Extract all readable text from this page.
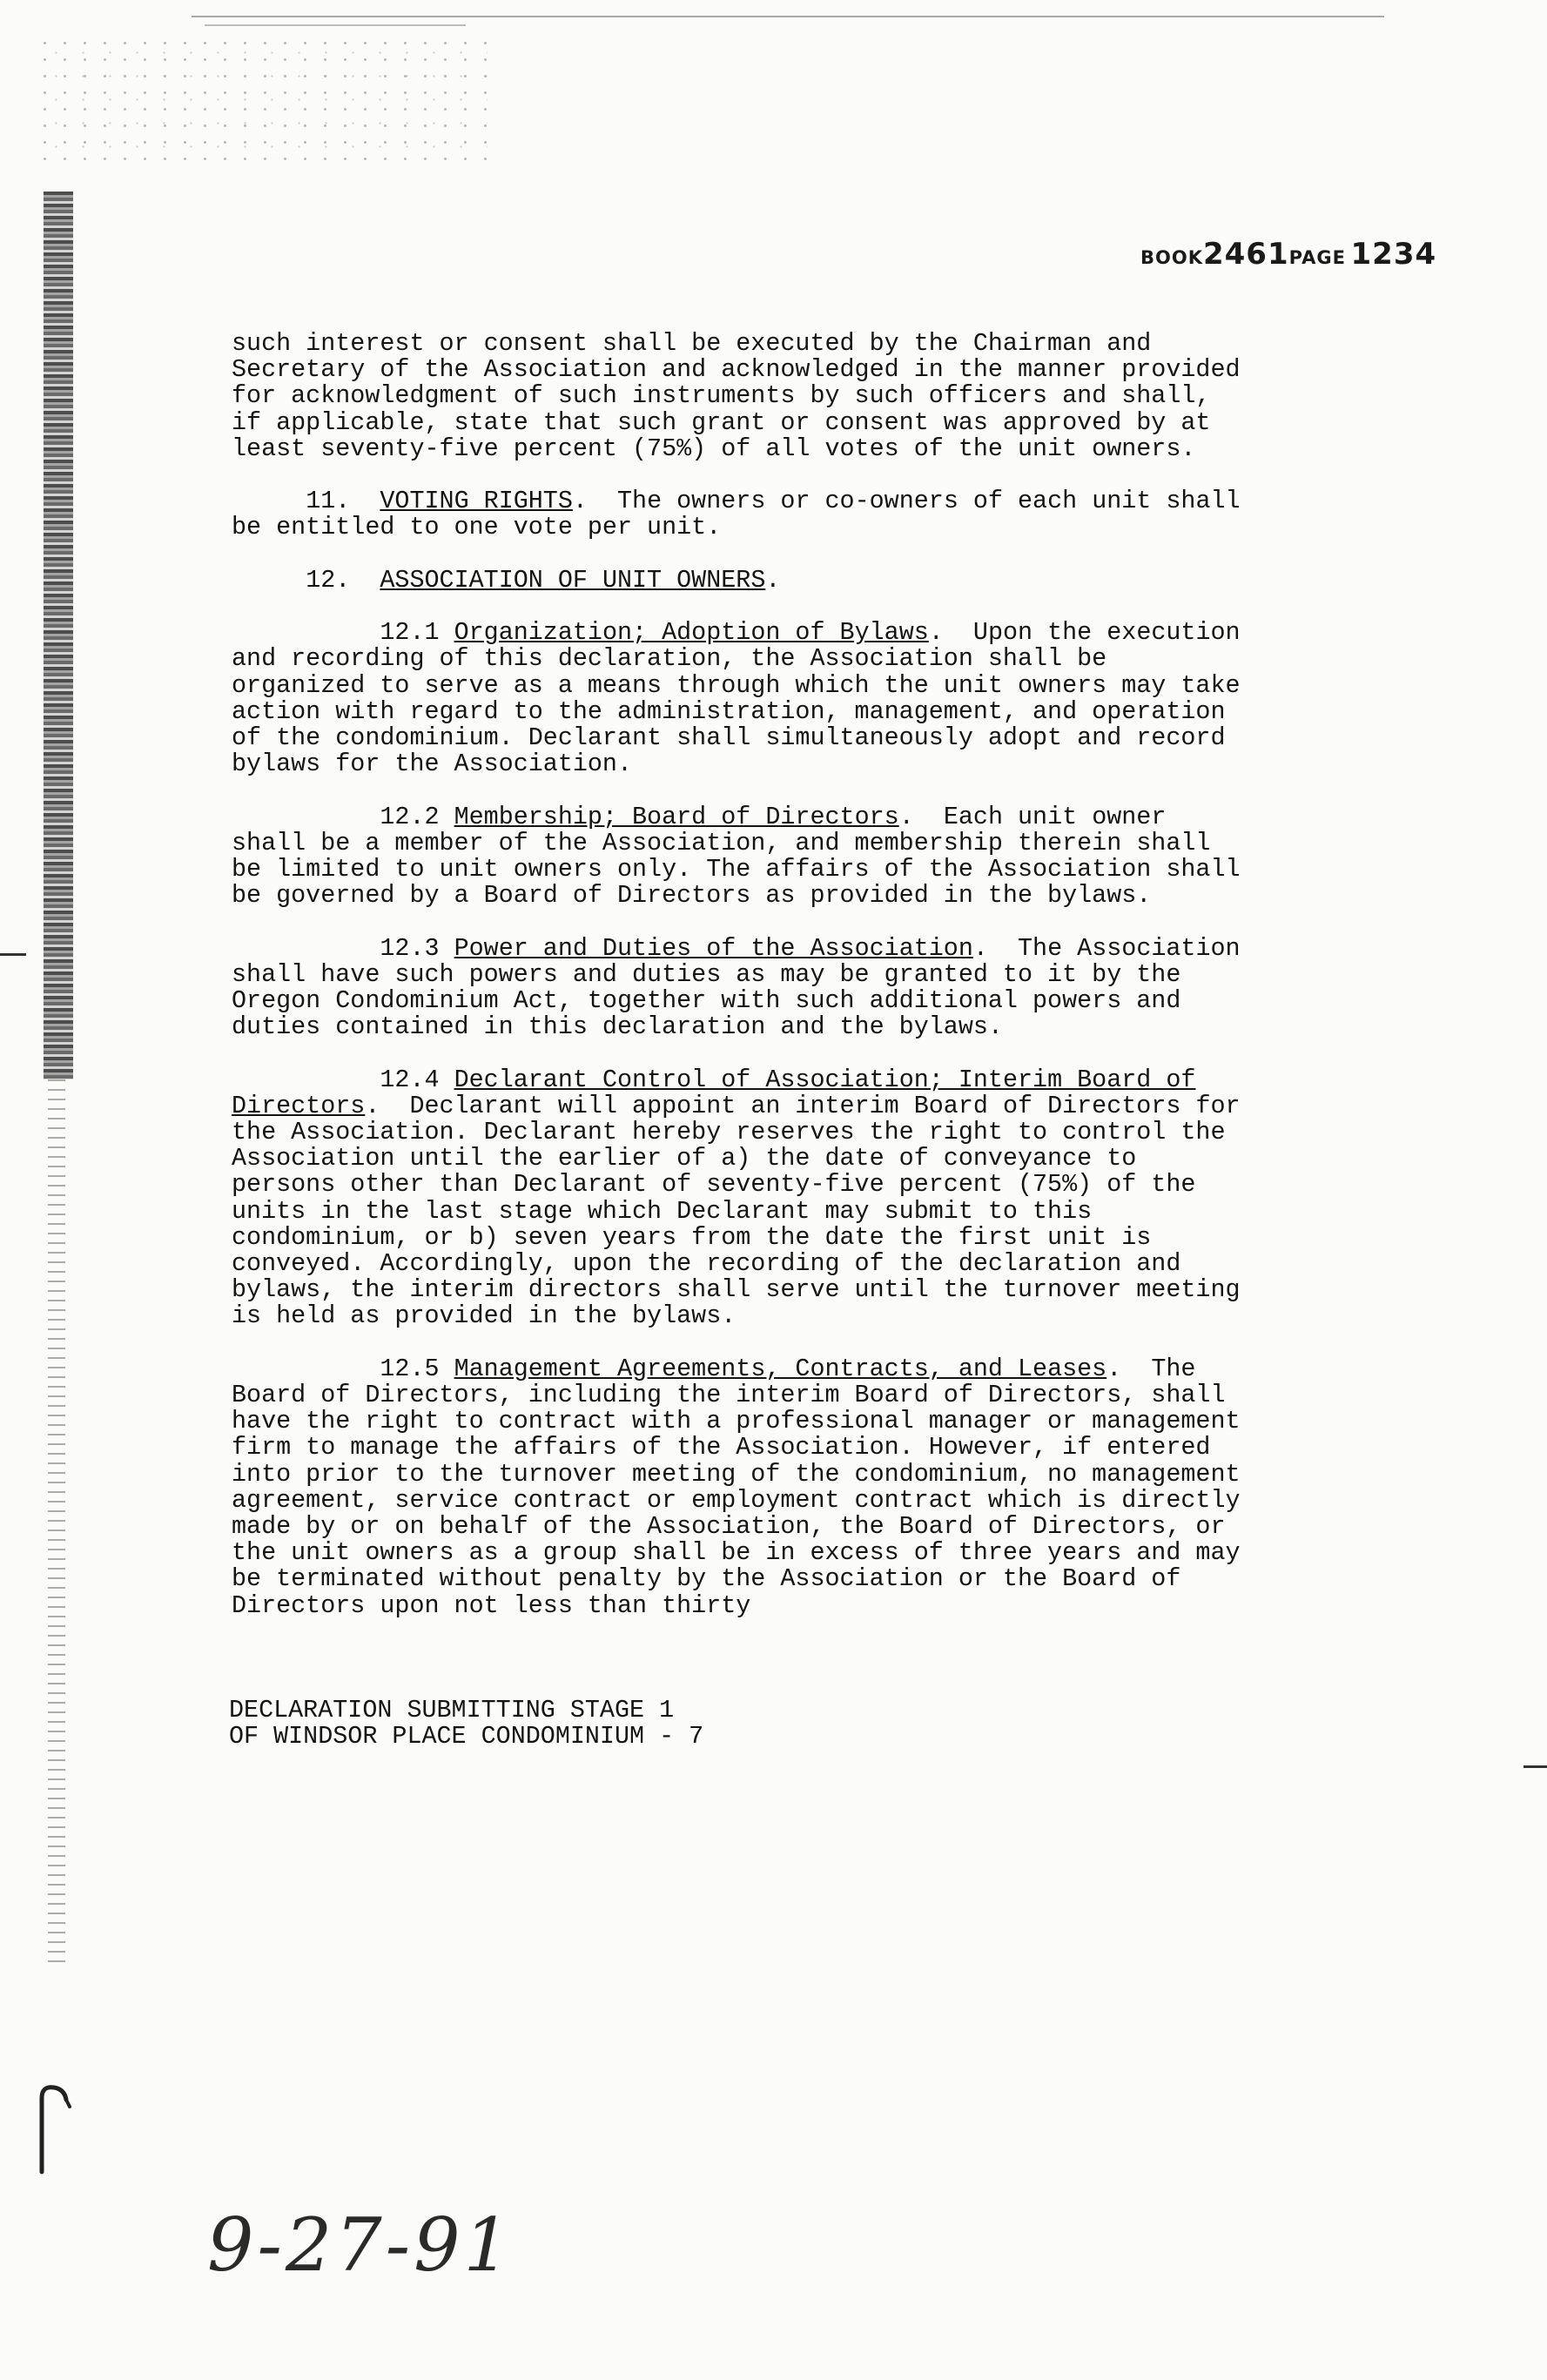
BOOK2461PAGE 1234

such interest or consent shall be executed by the Chairman and Secretary of the Association and acknowledged in the manner provided for acknowledgment of such instruments by such officers and shall, if applicable, state that such grant or consent was approved by at least seventy-five percent (75%) of all votes of the unit owners.

11. VOTING RIGHTS.  The owners or co-owners of each unit shall be entitled to one vote per unit.

12. ASSOCIATION OF UNIT OWNERS.

12.1 Organization; Adoption of Bylaws.  Upon the execution and recording of this declaration, the Association shall be organized to serve as a means through which the unit owners may take action with regard to the administration, management, and operation of the condominium. Declarant shall simultaneously adopt and record bylaws for the Association.

12.2 Membership; Board of Directors.  Each unit owner shall be a member of the Association, and membership therein shall be limited to unit owners only. The affairs of the Association shall be governed by a Board of Directors as provided in the bylaws.

12.3 Power and Duties of the Association.  The Association shall have such powers and duties as may be granted to it by the Oregon Condominium Act, together with such additional powers and duties contained in this declaration and the bylaws.

12.4 Declarant Control of Association; Interim Board of Directors.  Declarant will appoint an interim Board of Directors for the Association. Declarant hereby reserves the right to control the Association until the earlier of a) the date of conveyance to persons other than Declarant of seventy-five percent (75%) of the units in the last stage which Declarant may submit to this condominium, or b) seven years from the date the first unit is conveyed. Accordingly, upon the recording of the declaration and bylaws, the interim directors shall serve until the turnover meeting is held as provided in the bylaws.

12.5 Management Agreements, Contracts, and Leases.  The Board of Directors, including the interim Board of Directors, shall have the right to contract with a professional manager or management firm to manage the affairs of the Association. However, if entered into prior to the turnover meeting of the condominium, no management agreement, service contract or employment contract which is directly made by or on behalf of the Association, the Board of Directors, or the unit owners as a group shall be in excess of three years and may be terminated without penalty by the Association or the Board of Directors upon not less than thirty

DECLARATION SUBMITTING STAGE 1
OF WINDSOR PLACE CONDOMINIUM - 7
9-27-91
